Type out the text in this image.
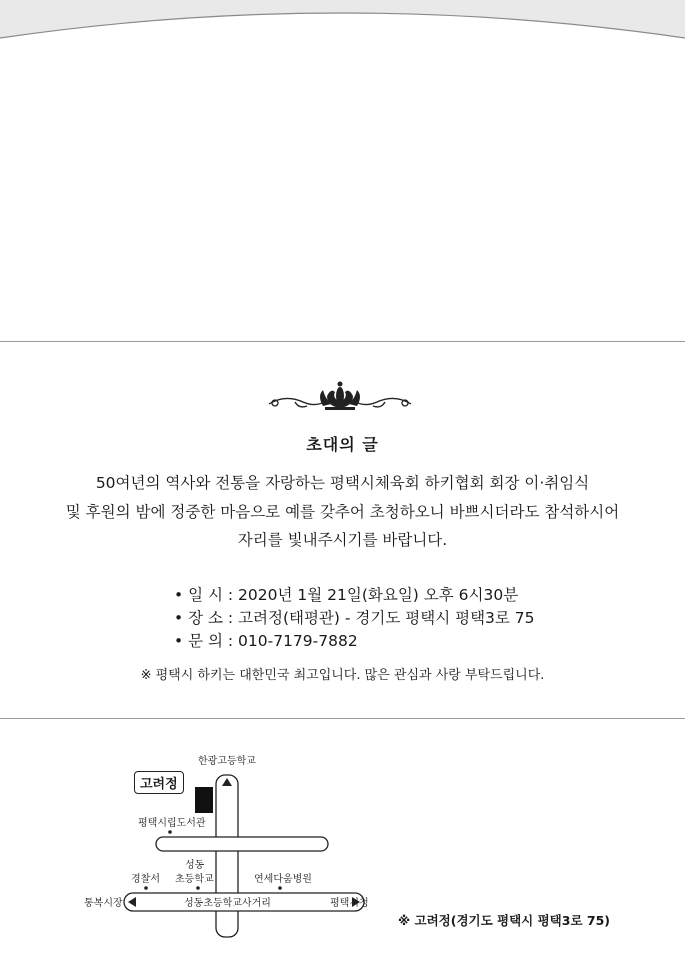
초대의 글
50여년의 역사와 전통을 자랑하는 평택시체육회 하키협회 회장 이·취임식
및 후원의 밤에 정중한 마음으로 예를 갖추어 초청하오니 바쁘시더라도 참석하시어
자리를 빛내주시기를 바랍니다.
• 일 시 : 2020년 1월 21일(화요일) 오후 6시30분
• 장 소 : 고려정(태평관) - 경기도 평택시 평택3로 75
• 문 의 : 010-7179-7882
※ 평택시 하키는 대한민국 최고입니다. 많은 관심과 사랑 부탁드립니다.
고려정
한광고등학교
평택시립도서관
성동
초등학교
경찰서	연세다움병원
통복시장	성동초등학교사거리	평택시청
※ 고려정(경기도 평택시 평택3로 75)
